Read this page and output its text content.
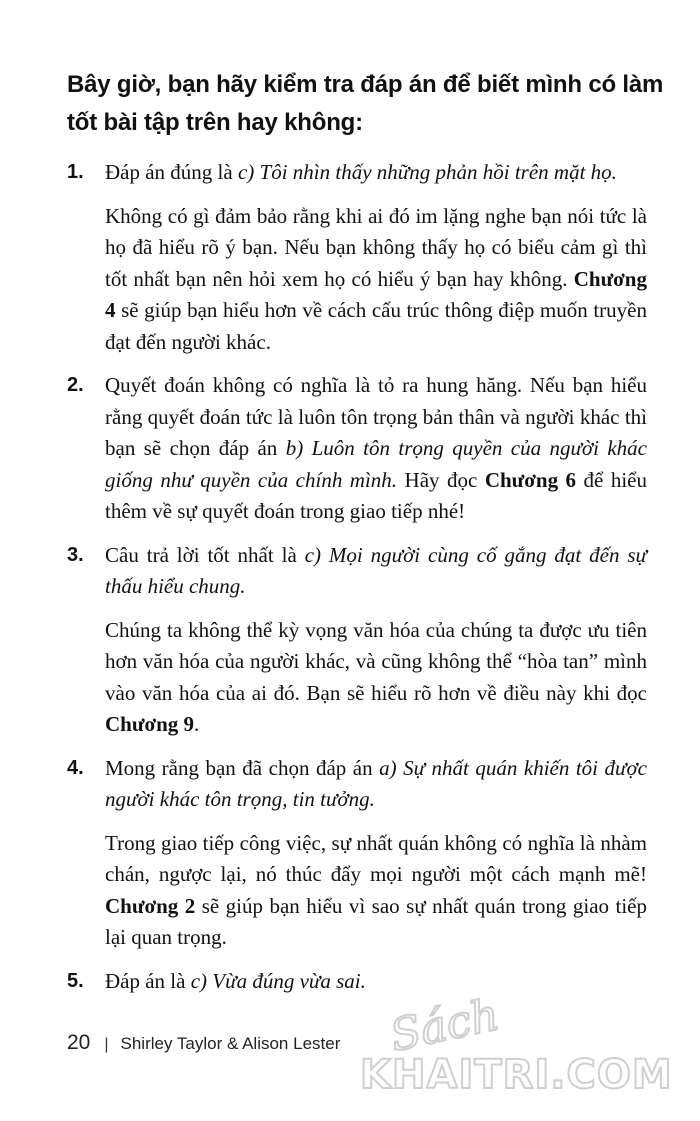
Bây giờ, bạn hãy kiểm tra đáp án để biết mình có làm tốt bài tập trên hay không:
1. Đáp án đúng là c) Tôi nhìn thấy những phản hồi trên mặt họ.

Không có gì đảm bảo rằng khi ai đó im lặng nghe bạn nói tức là họ đã hiểu rõ ý bạn. Nếu bạn không thấy họ có biểu cảm gì thì tốt nhất bạn nên hỏi xem họ có hiểu ý bạn hay không. Chương 4 sẽ giúp bạn hiểu hơn về cách cấu trúc thông điệp muốn truyền đạt đến người khác.

2. Quyết đoán không có nghĩa là tỏ ra hung hăng. Nếu bạn hiểu rằng quyết đoán tức là luôn tôn trọng bản thân và người khác thì bạn sẽ chọn đáp án b) Luôn tôn trọng quyền của người khác giống như quyền của chính mình. Hãy đọc Chương 6 để hiểu thêm về sự quyết đoán trong giao tiếp nhé!

3. Câu trả lời tốt nhất là c) Mọi người cùng cố gắng đạt đến sự thấu hiểu chung.

Chúng ta không thể kỳ vọng văn hóa của chúng ta được ưu tiên hơn văn hóa của người khác, và cũng không thể “hòa tan” mình vào văn hóa của ai đó. Bạn sẽ hiểu rõ hơn về điều này khi đọc Chương 9.

4. Mong rằng bạn đã chọn đáp án a) Sự nhất quán khiến tôi được người khác tôn trọng, tin tưởng.

Trong giao tiếp công việc, sự nhất quán không có nghĩa là nhàm chán, ngược lại, nó thúc đẩy mọi người một cách mạnh mẽ! Chương 2 sẽ giúp bạn hiểu vì sao sự nhất quán trong giao tiếp lại quan trọng.

5. Đáp án là c) Vừa đúng vừa sai.

20 | Shirley Taylor & Alison Lester Sách
KHAITRI.COM
